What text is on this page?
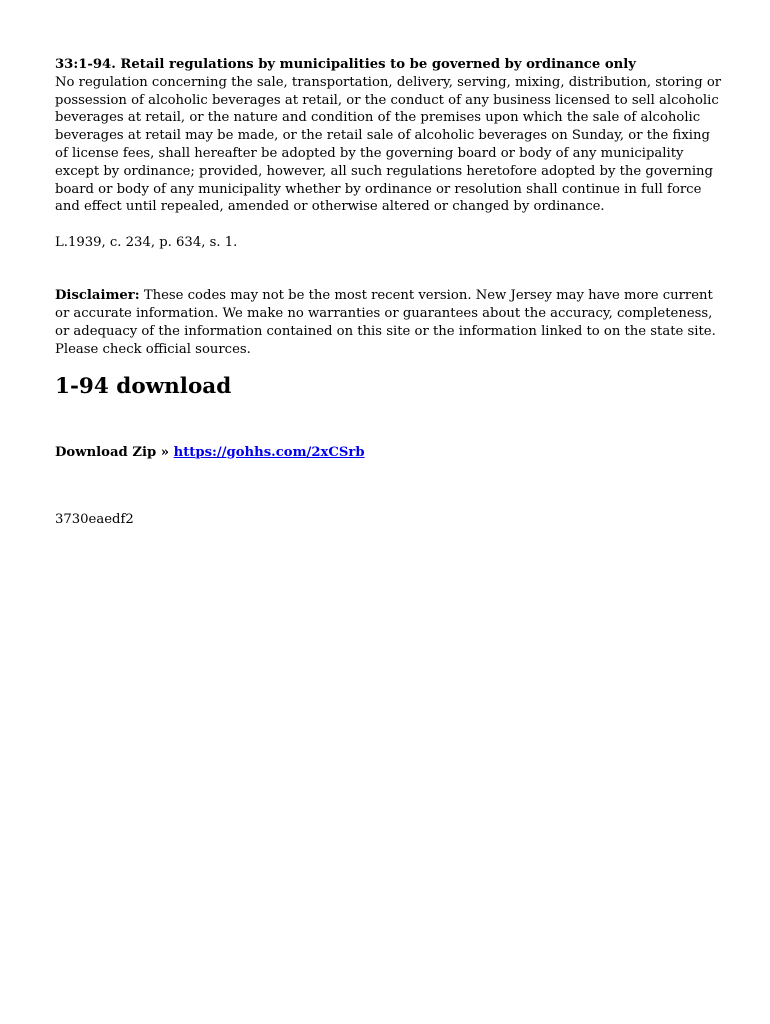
33:1-94. Retail regulations by municipalities to be governed by ordinance only

No regulation concerning the sale, transportation, delivery, serving, mixing, distribution, storing or possession of alcoholic beverages at retail, or the conduct of any business licensed to sell alcoholic beverages at retail, or the nature and condition of the premises upon which the sale of alcoholic beverages at retail may be made, or the retail sale of alcoholic beverages on Sunday, or the fixing of license fees, shall hereafter be adopted by the governing board or body of any municipality except by ordinance; provided, however, all such regulations heretofore adopted by the governing board or body of any municipality whether by ordinance or resolution shall continue in full force and effect until repealed, amended or otherwise altered or changed by ordinance.

L.1939, c. 234, p. 634, s. 1.

Disclaimer: These codes may not be the most recent version. New Jersey may have more current or accurate information. We make no warranties or guarantees about the accuracy, completeness, or adequacy of the information contained on this site or the information linked to on the state site. Please check official sources.

1-94 download

Download Zip » https://gohhs.com/2xCSrb

3730eaedf2
